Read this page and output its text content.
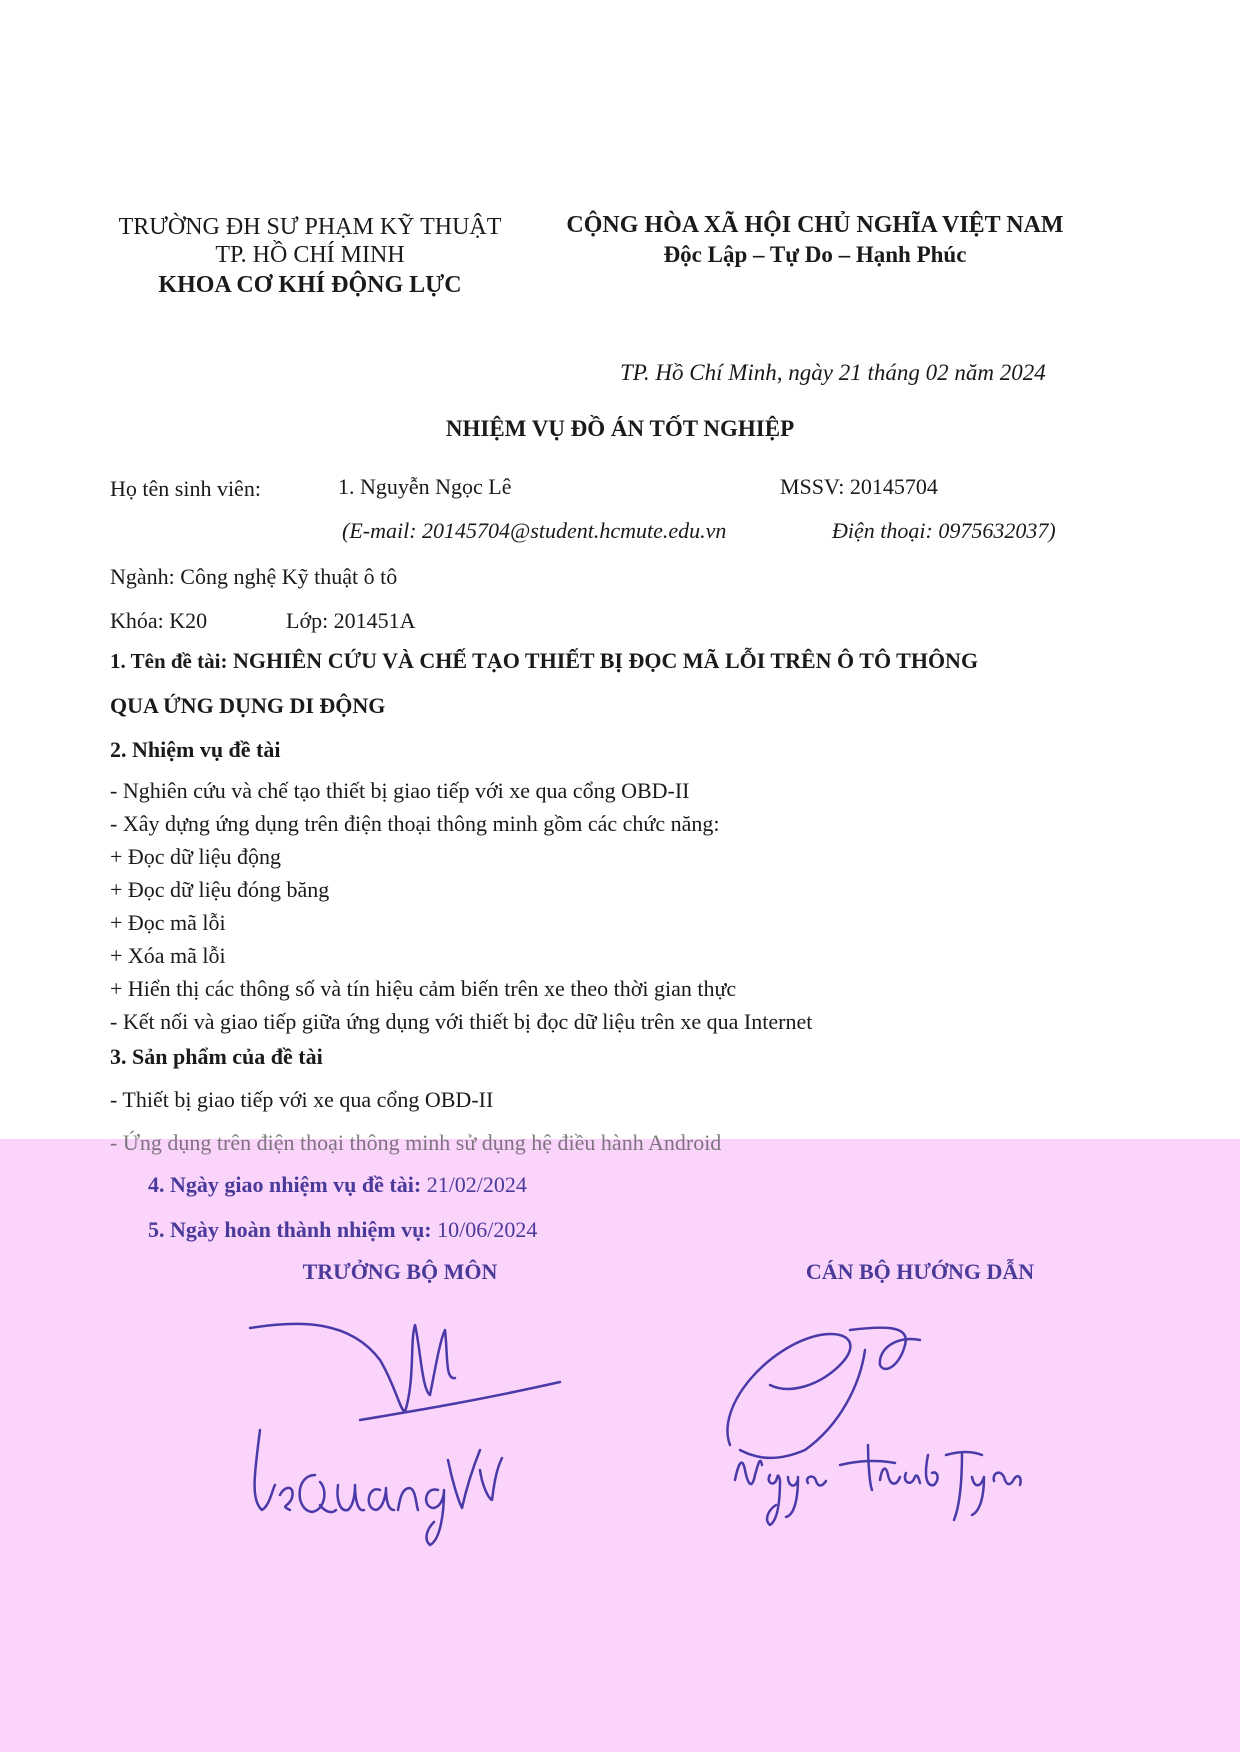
TRƯỜNG ĐH SƯ PHẠM KỸ THUẬT
TP. HỒ CHÍ MINH
KHOA CƠ KHÍ ĐỘNG LỰC
CỘNG HÒA XÃ HỘI CHỦ NGHĨA VIỆT NAM
Độc Lập – Tự Do – Hạnh Phúc
TP. Hồ Chí Minh, ngày 21 tháng 02 năm 2024
NHIỆM VỤ ĐỒ ÁN TỐT NGHIỆP
Họ tên sinh viên:	1. Nguyễn Ngọc Lê	MSSV: 20145704
(E-mail: 20145704@student.hcmute.edu.vn	Điện thoại: 0975632037)
Ngành: Công nghệ Kỹ thuật ô tô
Khóa: K20	Lớp: 201451A
1. Tên đề tài: NGHIÊN CỨU VÀ CHẾ TẠO THIẾT BỊ ĐỌC MÃ LỖI TRÊN Ô TÔ THÔNG
QUA ỨNG DỤNG DI ĐỘNG
2. Nhiệm vụ đề tài
- Nghiên cứu và chế tạo thiết bị giao tiếp với xe qua cổng OBD-II
- Xây dựng ứng dụng trên điện thoại thông minh gồm các chức năng:
+ Đọc dữ liệu động
+ Đọc dữ liệu đóng băng
+ Đọc mã lỗi
+ Xóa mã lỗi
+ Hiển thị các thông số và tín hiệu cảm biến trên xe theo thời gian thực
- Kết nối và giao tiếp giữa ứng dụng với thiết bị đọc dữ liệu trên xe qua Internet
3. Sản phẩm của đề tài
- Thiết bị giao tiếp với xe qua cổng OBD-II
- Ứng dụng trên điện thoại thông minh sử dụng hệ điều hành Android
4. Ngày giao nhiệm vụ đề tài: 21/02/2024
5. Ngày hoàn thành nhiệm vụ: 10/06/2024
TRƯỞNG BỘ MÔN	CÁN BỘ HƯỚNG DẪN
